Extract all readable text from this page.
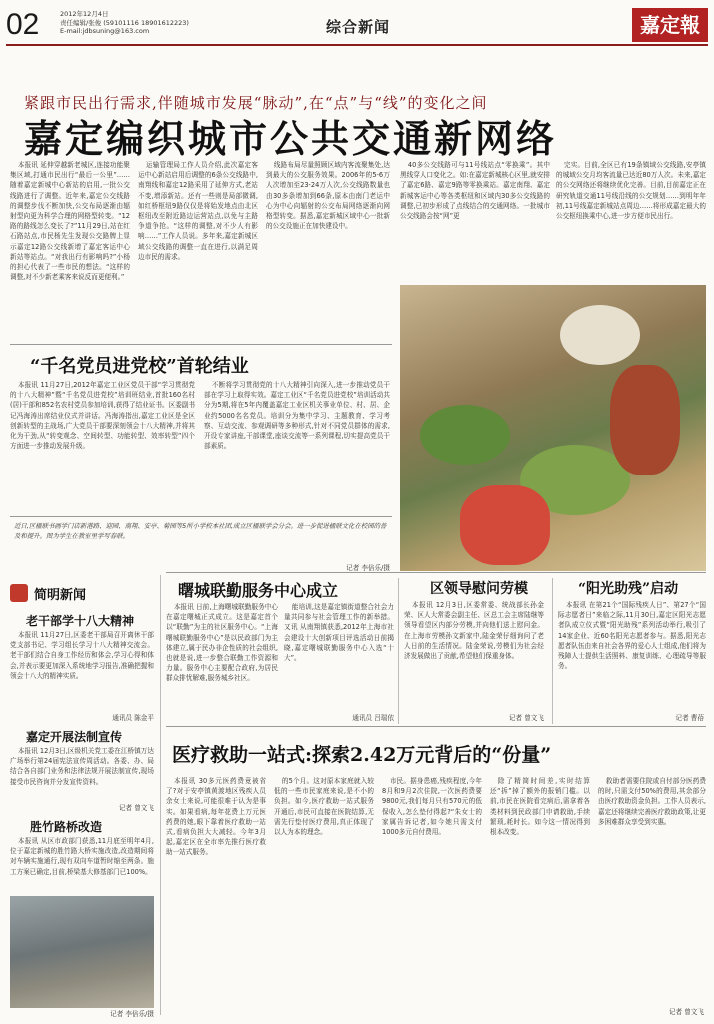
02	2012年12月4日
责任编辑/张俊 (59101116 18901612223)
E-mail:jdbsuning@163.com	综合新闻	嘉定報
紧跟市民出行需求,伴随城市发展“脉动”,在“点”与“线”的变化之间
嘉定编织城市公共交通新网络

本报讯 延伸穿越新老城区,连接功能聚集区域,打通市民出行“最后一公里”……随着嘉定新城中心新站的启用,一批公交线路进行了调整。近年来,嘉定公交线路的调整步伐不断加快,公交布局逐渐由辐射型向更为科学合理的网格型转变。“12路的路线怎么变长了?”11月29日,站在红石路站点,市民杨先生发现公交路牌上显示嘉定12路公交线新增了嘉定客运中心新站等站点。“对我出行有影响吗?”小杨的担心代表了一些市民的想法。“这样的调整,对不少新老乘客来说反而更便利。”

运输管理局工作人员介绍,此次嘉定客运中心新站启用后调整的6条公交线路中,南翔线和嘉定12路采用了延伸方式,老站不变,增添新站。还有一些则是局部微调,如红桥枢纽9路仅仅是将始发地点由北区枢纽改至附近路边运营站点,以免与主路争道争抢。“这样的调整,对不少人有影响……”工作人员说。多年来,嘉定新城区域公交线路的调整一直在进行,以满足周边市民的需求。

线路布局尽量照顾区域内客流聚集处,达到最大的公交服务效果。2006年的5-6万人次增加至23-24万人次,公交线路数量也由30多条增加到66条,原本由南门老运中心为中心向辐射的公交布局网络逐渐向网格型转变。据悉,嘉定新城区域中心一批新的公交设施正在加快建设中。

40多公交线路可与11号线站点“零换乘”。其中黑线穿人口变化之。如:在嘉定新城核心区里,就安排了嘉定6路、嘉定9路等零换乘站。嘉定南翔、嘉定新城客运中心等各类枢纽和区域内30多公交线路的调整,已初步形成了点线结合的交通网络。一批城市公交线路会按“网”更

完实。目前,全区已有19条镇域公交线路,安亭镇的城域公交月均客流量已达近80万人次。未来,嘉定的公交网络还将继续优化完善。目前,目前嘉定正在研究轨道交通11号线沿线的公交规划……到明年年初,11号线嘉定新城站点周边……将形成嘉定最大的公交枢纽换乘中心,进一步方便市民出行。

“千名党员进党校”首轮结业

本报讯 11月27日,2012年嘉定工业区党员干部“学习贯彻党的十八大精神”暨“千名党员进党校”培训班结业,首批160名村(居)干部和852名农村党员参加培训,获得了结业证书。区委副书记冯海涛出席结业仪式并讲话。冯海涛指出,嘉定工业区是全区创新转型的主战场,广大党员干部要深刻领会十八大精神,并将其化为干劲,从“转变观念、空间转型、功能转型、效率转型”四个方面进一步推动发展升级。

不断将学习贯彻党的十八大精神引向深入,进一步推动党员干部在学习上取得实效。嘉定工业区“千名党员进党校”培训活动共分为5期,将在5年内覆盖嘉定工业区机关事业单位、村、居、企业约5000名名党员。培训分为集中学习、主题教育、学习考察、互动交流、参观调研等多种形式,针对不同党员群体的需求,开设专家讲座,干部课堂,座谈交流等一系列课程,切实提高党员干部素质。

近日,区楹联书画学门店新港路、迎园、南翔、安亭、菊园等5所小学校本社团,成立区楹联学会分会。进一步促进楹联文化在校园的普及和提升。图为学生在教室里学写春联。
记者 李倍乐/摄
简明新闻
老干部学十八大精神

本报讯 11月27日,区委老干部局召开离休干部党支部书记、学习组长学习十八大精神交流会。老干部们结合自身工作经历和体会,学习心得和体会,并表示要更加深入系统地学习报告,准确把握和领会十八大的精神实质。

通讯员 陈金平
嘉定开展法制宣传

本报讯 12月3日,区级机关党工委在江桥镇万达广场举行第24届宪法宣传周活动。各委、办、局结合各自部门业务和法律法规开展法制宣传,现场接受市民咨询并分发宣传资料。

记者 曾文飞
胜竹路桥改造

本报讯 从区市政部门获悉,11月底至明年4月,位于嘉定新城的胜竹路大桥实施改造,改造期间将对车辆实施通行,现有双向车道暂时缩至两条。施工方案已确定,目前,桥梁基大修基部门已100%。

记者 李倍乐/摄
曙城联勤服务中心成立

本报讯 日前,上海曙城联勤服务中心在嘉定曙城正式成立。这是嘉定首个以“联勤”为主的社区服务中心。“上海曙城联勤服务中心”是以民政部门为主体建立,属于民办非企性质的社会组织,也就是说,进一步整合联勤工作资源和力量。服务中心主要配合政府,为居民群众排忧解难,服务城乡社区。

能培训,这是嘉定镇街道整合社会力量共同参与社会管理工作的新举措。又讯 从南翔镇获悉,2012年上海市社会建设十大创新项目评选活动日前揭晓,嘉定曙城联勤服务中心入选“十大”。

通讯员 吕瑞依
区领导慰问劳模

本报讯 12月3日,区委常委、统战部长孙金荣、区人大常委会副主任、区总工会主席陆继等领导看望区内部分劳模,并向他们送上慰问金。在上海市劳模孙文新家中,陆金荣仔细询问了老人日前的生活情况。陆金荣说,劳模们为社会经济发展做出了贡献,希望他们保重身体。

记者 曾文飞
“阳光助残”启动

本报讯 在第21个“国际残疾人日”、第27个“国际志愿者日”来临之际,11月30日,嘉定区阳光志愿者队成立仪式暨“阳光助残”系列活动举行,吸引了14家企业、近60名阳光志愿者参与。据悉,阳光志愿者队伍由来自社会各界的爱心人士组成,他们将为残障人士提供生活照料、康复训练、心理疏导等服务。

记者 曹蓓
医疗救助一站式:探索2.42万元背后的“份量”

本报讯 30多元医药费竟被省了?对于安亭镇黄渡地区残疾人员余女士来说,可能很难于认为是事实。如果看病,每年花费上万元医药费的她,眼下靠着医疗救助一站式,看病负担大大减轻。今年3月起,嘉定区在全市率先推行医疗救助一站式服务。

的5个月。这对原本家庭就入较低的一些市民家庭来说,是不小的负担。如今,医疗救助一站式服务开通后,市民可直接在医院结算,无需先行垫付医疗费用,真正体现了以人为本的理念。

市民。据身患癌,残疾程度,今年8月和9月2次住院,一次医药费要9800元,我们每月只有570元的低保收入,怎么垫付得起?“朱女士的家属告诉记者,如今她只需支付1000多元自付费用。

除了精简时间差,实时结算还“拆”掉了额外的报销门槛。以前,市民在医院看完病后,需拿着各类材料到民政部门申请救助,手续繁琐,耗时长。如今这一情况得到根本改变。

救助者需要住院或自付部分医药费的时,只需支付50%的费用,其余部分由医疗救助资金负担。工作人员表示,嘉定还将继续完善医疗救助政策,让更多困难群众享受到实惠。

记者 曾文飞
